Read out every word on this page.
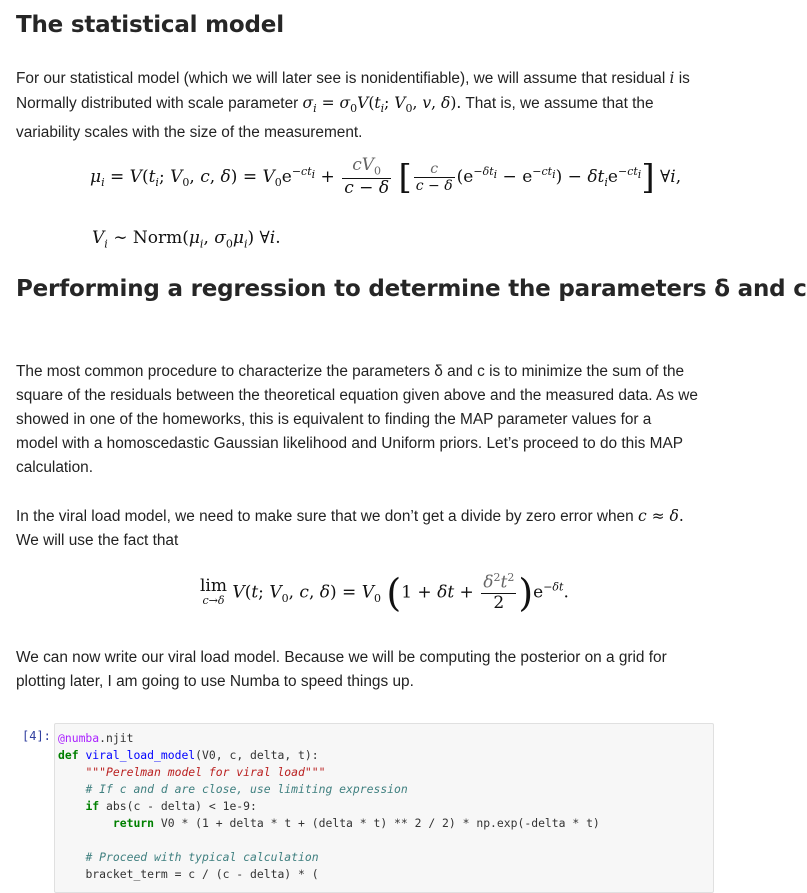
The statistical model
For our statistical model (which we will later see is nonidentifiable), we will assume that residual i is
Normally distributed with scale parameter $\sigma_i = \sigma_0V(t_i$; $V_0$, v, δ). That is, we assume that the
variability scales with the size of the measurement.
$\mu_i = V(t_i$; $V_0$, c, $\delta) = V_0e^{-ct_i} + \frac{cV_0}{c - \delta}$ [ $\frac{c}{c - \delta} (e^{-\delta t_i} - e^{-ct_i}) - \delta t_ie^{-ct_i}$] ∀i,
$V_i$ ∼ $Norm(\mu_i$, $\sigma_0\mu_i$) ∀i.
Performing a regression to determine the parameters δ and c
The most common procedure to characterize the parameters δ and c is to minimize the sum of the
square of the residuals between the theoretical equation given above and the measured data. As we
showed in one of the homeworks, this is equivalent to finding the MAP parameter values for a
model with a homoscedastic Gaussian likelihood and Uniform priors. Let’s proceed to do this MAP
calculation.
In the viral load model, we need to make sure that we don’t get a divide by zero error when c ≈ δ.
We will use the fact that
lim
c→δ V(t; $V_0$, c, $\delta) = V_0$ $(1 + \delta t + \frac{\delta^2t^2}{2} )e^{-\delta t}$.
We can now write our viral load model. Because we will be computing the posterior on a grid for
plotting later, I am going to use Numba to speed things up.
[4]: @numba.njit
def viral_load_model(V0, c, delta, t):
"""Perelman model for viral load"""
# If c and d are close, use limiting expression
if abs(c - delta) < 1e-9:
return V0 * (1 + delta * t + (delta * t) ** 2 / 2) * np.exp(-delta * t)

# Proceed with typical calculation
bracket_term = c / (c - delta) * (
